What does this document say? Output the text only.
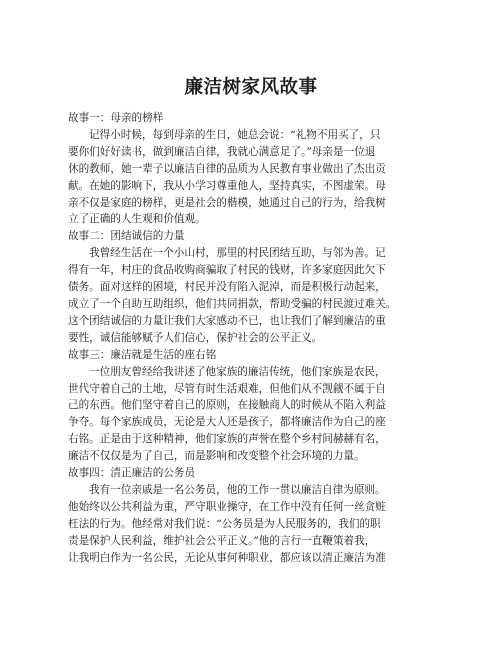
廉洁树家风故事

故事一：母亲的榜样

记得小时候，每到母亲的生日，她总会说：“礼物不用买了，只

要你们好好读书，做到廉洁自律，我就心满意足了。”母亲是一位退

休的教师，她一辈子以廉洁自律的品质为人民教育事业做出了杰出贡

献。在她的影响下，我从小学习尊重他人，坚持真实，不图虚荣。母

亲不仅是家庭的榜样，更是社会的楷模，她通过自己的行为，给我树

立了正确的人生观和价值观。

故事二：团结诚信的力量

我曾经生活在一个小山村，那里的村民团结互助，与邻为善。记

得有一年，村庄的食品收购商骗取了村民的钱财，许多家庭因此欠下

债务。面对这样的困境，村民并没有陷入泥淖，而是积极行动起来，

成立了一个自助互助组织，他们共同捐款，帮助受骗的村民渡过难关。

这个团结诚信的力量让我们大家感动不已，也让我们了解到廉洁的重

要性，诚信能够赋予人们信心，保护社会的公平正义。

故事三：廉洁就是生活的座右铭

一位朋友曾经给我讲述了他家族的廉洁传统，他们家族是农民，

世代守着自己的土地，尽管有时生活艰难，但他们从不觊觎不属于自

己的东西。他们坚守着自己的原则，在接触商人的时候从不陷入利益

争夺。每个家族成员，无论是大人还是孩子，都将廉洁作为自己的座

右铭。正是由于这种精神，他们家族的声誉在整个乡村间赫赫有名，

廉洁不仅仅是为了自己，而是影响和改变整个社会环境的力量。

故事四：清正廉洁的公务员

我有一位亲戚是一名公务员，他的工作一贯以廉洁自律为原则。

他始终以公共利益为重，严守职业操守，在工作中没有任何一丝贪赃

枉法的行为。他经常对我们说：“公务员是为人民服务的，我们的职

责是保护人民利益，维护社会公平正义。”他的言行一直鞭策着我，

让我明白作为一名公民，无论从事何种职业，都应该以清正廉洁为准
